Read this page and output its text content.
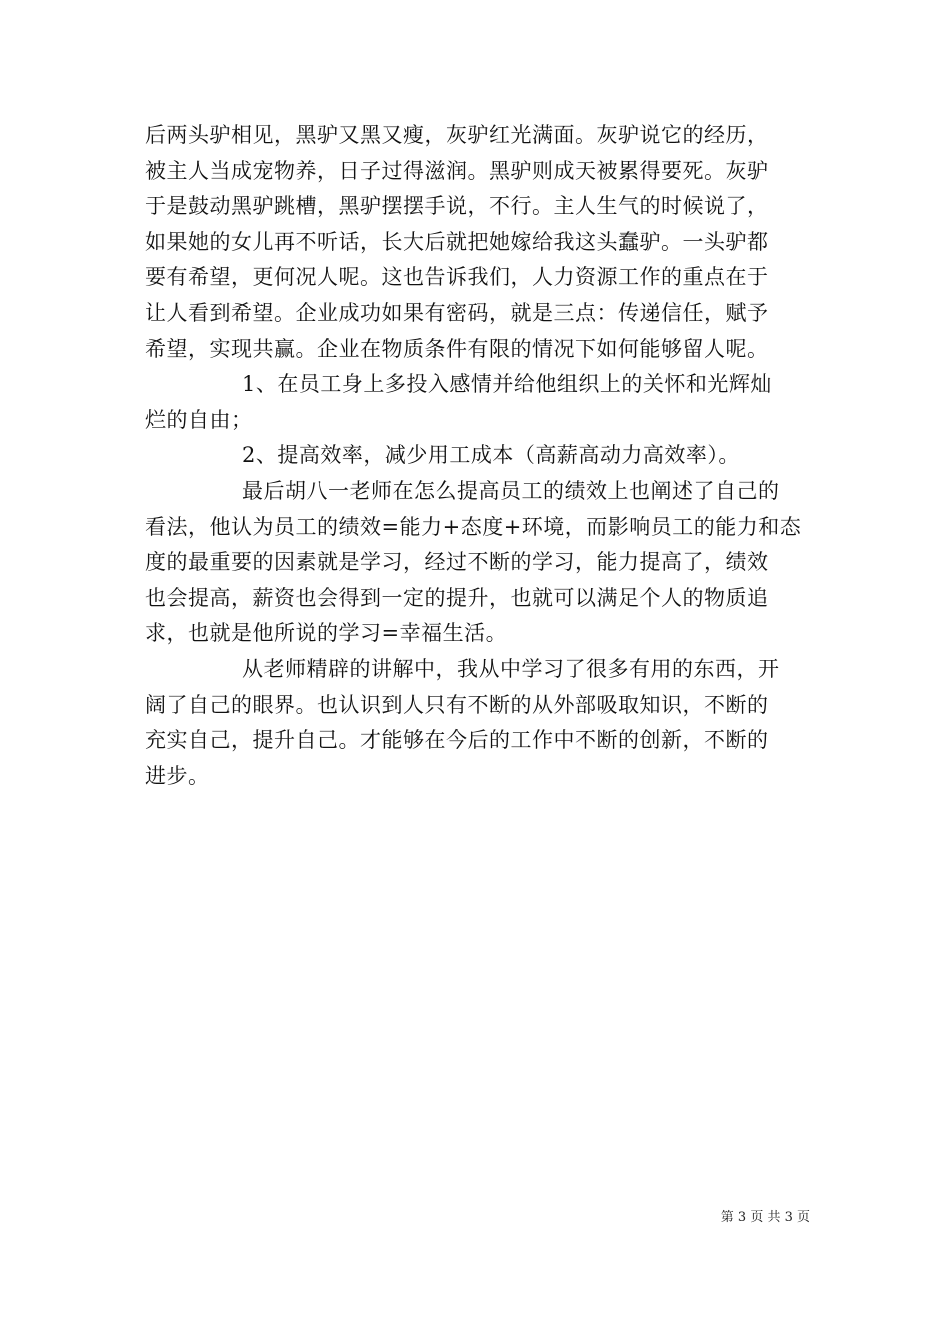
后两头驴相见，黑驴又黑又瘦，灰驴红光满面。灰驴说它的经历，
被主人当成宠物养，日子过得滋润。黑驴则成天被累得要死。灰驴
于是鼓动黑驴跳槽，黑驴摆摆手说，不行。主人生气的时候说了，
如果她的女儿再不听话，长大后就把她嫁给我这头蠢驴。一头驴都
要有希望，更何况人呢。这也告诉我们，人力资源工作的重点在于
让人看到希望。企业成功如果有密码，就是三点：传递信任，赋予
希望，实现共赢。企业在物质条件有限的情况下如何能够留人呢。
1、在员工身上多投入感情并给他组织上的关怀和光辉灿
烂的自由；
2、提高效率，减少用工成本（高薪高动力高效率）。
最后胡八一老师在怎么提高员工的绩效上也阐述了自己的
看法，他认为员工的绩效=能力+态度+环境，而影响员工的能力和态
度的最重要的因素就是学习，经过不断的学习，能力提高了，绩效
也会提高，薪资也会得到一定的提升，也就可以满足个人的物质追
求，也就是他所说的学习=幸福生活。
从老师精辟的讲解中，我从中学习了很多有用的东西，开
阔了自己的眼界。也认识到人只有不断的从外部吸取知识，不断的
充实自己，提升自己。才能够在今后的工作中不断的创新，不断的
进步。
第 3 页 共 3 页
